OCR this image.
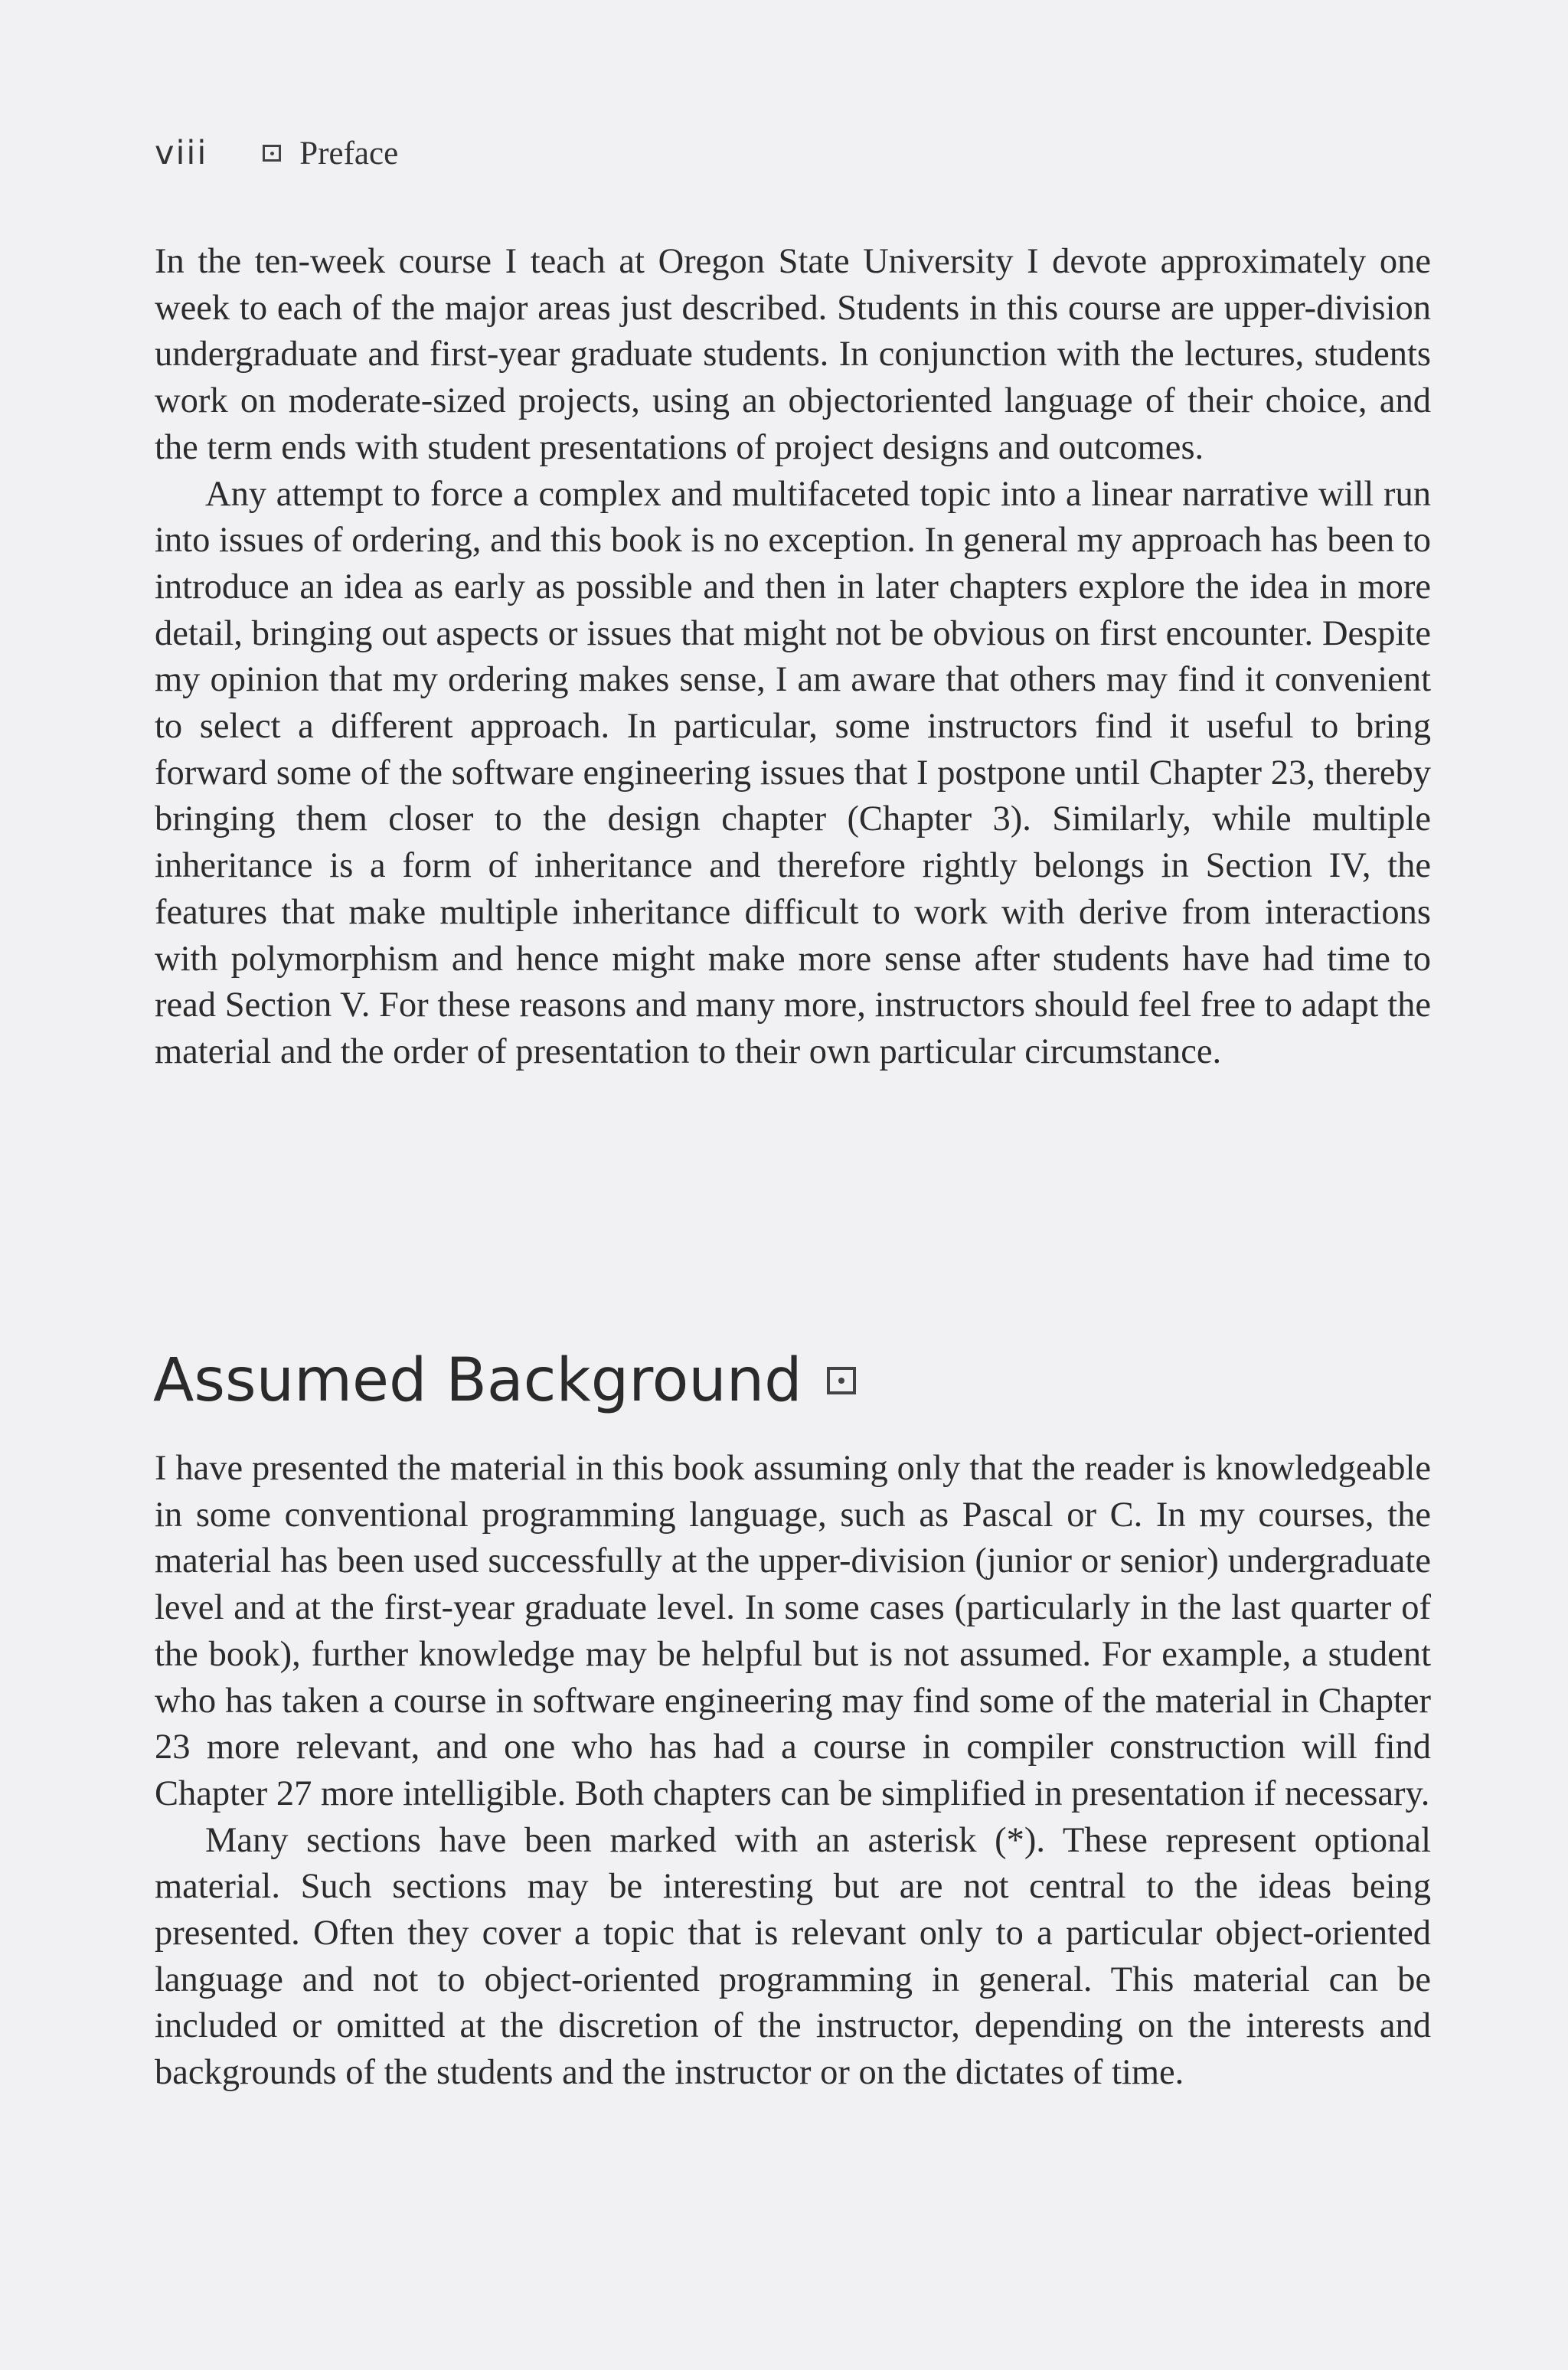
viii	Preface

In the ten-week course I teach at Oregon State University I devote approximately one week to each of the major areas just described. Students in this course are upper-division undergraduate and first-year graduate students. In conjunction with the lectures, students work on moderate-sized projects, using an objectoriented language of their choice, and the term ends with student presentations of project designs and outcomes.

Any attempt to force a complex and multifaceted topic into a linear narrative will run into issues of ordering, and this book is no exception. In general my approach has been to introduce an idea as early as possible and then in later chapters explore the idea in more detail, bringing out aspects or issues that might not be obvious on first encounter. Despite my opinion that my ordering makes sense, I am aware that others may find it convenient to select a different approach. In particular, some instructors find it useful to bring forward some of the software engineering issues that I postpone until Chapter 23, thereby bringing them closer to the design chapter (Chapter 3). Similarly, while multiple inheritance is a form of inheritance and therefore rightly belongs in Section IV, the features that make multiple inheritance difficult to work with derive from interactions with polymorphism and hence might make more sense after students have had time to read Section V. For these reasons and many more, instructors should feel free to adapt the material and the order of presentation to their own particular circumstance.

Assumed Background

I have presented the material in this book assuming only that the reader is knowledgeable in some conventional programming language, such as Pascal or C. In my courses, the material has been used successfully at the upper-division (junior or senior) undergraduate level and at the first-year graduate level. In some cases (particularly in the last quarter of the book), further knowledge may be helpful but is not assumed. For example, a student who has taken a course in software engineering may find some of the material in Chapter 23 more relevant, and one who has had a course in compiler construction will find Chapter 27 more intelligible. Both chapters can be simplified in presentation if necessary.

Many sections have been marked with an asterisk (*). These represent optional material. Such sections may be interesting but are not central to the ideas being presented. Often they cover a topic that is relevant only to a particular object-oriented language and not to object-oriented programming in general. This material can be included or omitted at the discretion of the instructor, depending on the interests and backgrounds of the students and the instructor or on the dictates of time.
